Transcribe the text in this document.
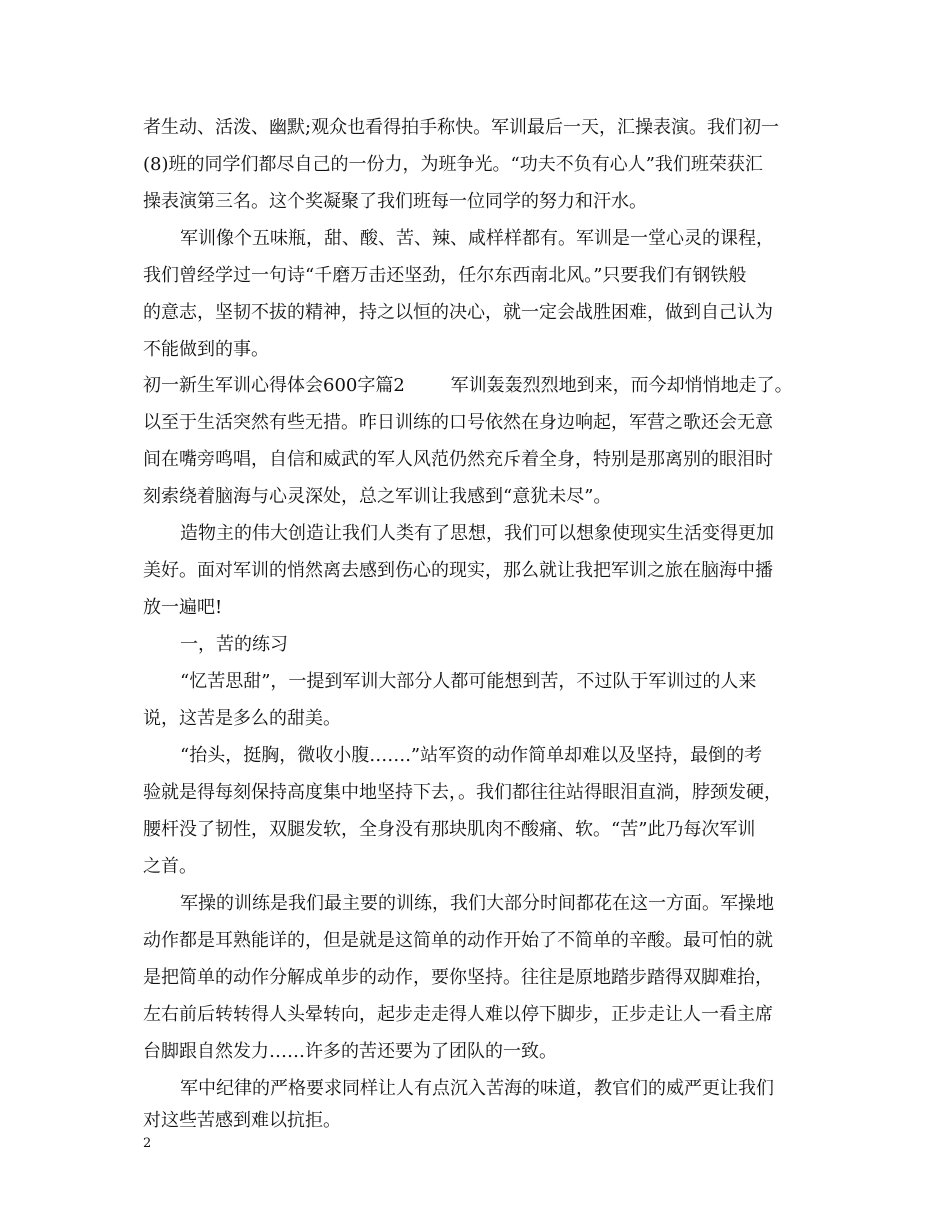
者生动、活泼、幽默;观众也看得拍手称快。军训最后一天，汇操表演。我们初一
(8)班的同学们都尽自己的一份力，为班争光。“功夫不负有心人”我们班荣获汇
操表演第三名。这个奖凝聚了我们班每一位同学的努力和汗水。
军训像个五味瓶，甜、酸、苦、辣、咸样样都有。军训是一堂心灵的课程，
我们曾经学过一句诗“千磨万击还坚劲，任尔东西南北风。”只要我们有钢铁般
的意志，坚韧不拔的精神，持之以恒的决心，就一定会战胜困难，做到自己认为
不能做到的事。
初一新生军训心得体会600字篇2        军训轰轰烈烈地到来，而今却悄悄地走了。
以至于生活突然有些无措。昨日训练的口号依然在身边响起，军营之歌还会无意
间在嘴旁鸣唱，自信和威武的军人风范仍然充斥着全身，特别是那离别的眼泪时
刻索绕着脑海与心灵深处，总之军训让我感到“意犹未尽”。
造物主的伟大创造让我们人类有了思想，我们可以想象使现实生活变得更加
美好。面对军训的悄然离去感到伤心的现实，那么就让我把军训之旅在脑海中播
放一遍吧!
一，苦的练习
“忆苦思甜”，一提到军训大部分人都可能想到苦，不过队于军训过的人来
说，这苦是多么的甜美。
“抬头，挺胸，微收小腹…….”站军资的动作简单却难以及坚持，最倒的考
验就是得每刻保持高度集中地坚持下去，。我们都往往站得眼泪直淌，脖颈发硬，
腰杆没了韧性，双腿发软，全身没有那块肌肉不酸痛、软。“苦”此乃每次军训
之首。
军操的训练是我们最主要的训练，我们大部分时间都花在这一方面。军操地
动作都是耳熟能详的，但是就是这简单的动作开始了不简单的辛酸。最可怕的就
是把简单的动作分解成单步的动作，要你坚持。往往是原地踏步踏得双脚难抬，
左右前后转转得人头晕转向，起步走走得人难以停下脚步，正步走让人一看主席
台脚跟自然发力……许多的苦还要为了团队的一致。
军中纪律的严格要求同样让人有点沉入苦海的味道，教官们的威严更让我们
对这些苦感到难以抗拒。
2
